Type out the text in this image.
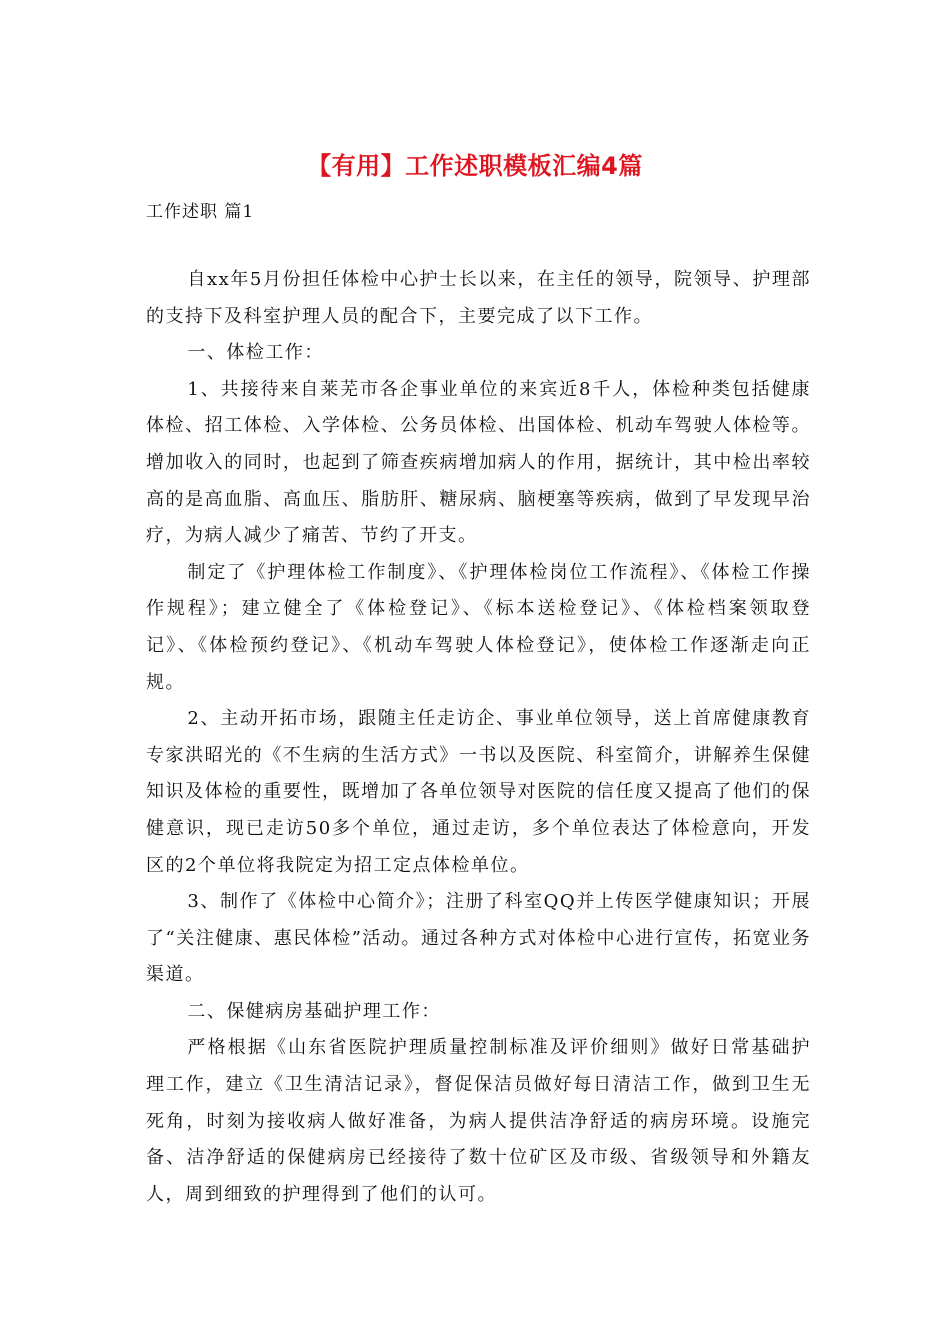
【有用】工作述职模板汇编4篇
工作述职 篇1

自xx年5月份担任体检中心护士长以来，在主任的领导，院领导、护理部的支持下及科室护理人员的配合下，主要完成了以下工作。

一、体检工作：

1、共接待来自莱芜市各企事业单位的来宾近8千人，体检种类包括健康体检、招工体检、入学体检、公务员体检、出国体检、机动车驾驶人体检等。增加收入的同时，也起到了筛查疾病增加病人的作用，据统计，其中检出率较高的是高血脂、高血压、脂肪肝、糖尿病、脑梗塞等疾病，做到了早发现早治疗，为病人减少了痛苦、节约了开支。

制定了《护理体检工作制度》、《护理体检岗位工作流程》、《体检工作操作规程》；建立健全了《体检登记》、《标本送检登记》、《体检档案领取登记》、《体检预约登记》、《机动车驾驶人体检登记》，使体检工作逐渐走向正规。

2、主动开拓市场，跟随主任走访企、事业单位领导，送上首席健康教育专家洪昭光的《不生病的生活方式》一书以及医院、科室简介，讲解养生保健知识及体检的重要性，既增加了各单位领导对医院的信任度又提高了他们的保健意识，现已走访50多个单位，通过走访，多个单位表达了体检意向，开发区的2个单位将我院定为招工定点体检单位。

3、制作了《体检中心简介》；注册了科室QQ并上传医学健康知识；开展了“关注健康、惠民体检”活动。通过各种方式对体检中心进行宣传，拓宽业务渠道。

二、保健病房基础护理工作：

严格根据《山东省医院护理质量控制标准及评价细则》做好日常基础护理工作，建立《卫生清洁记录》，督促保洁员做好每日清洁工作，做到卫生无死角，时刻为接收病人做好准备，为病人提供洁净舒适的病房环境。设施完备、洁净舒适的保健病房已经接待了数十位矿区及市级、省级领导和外籍友人，周到细致的护理得到了他们的认可。
